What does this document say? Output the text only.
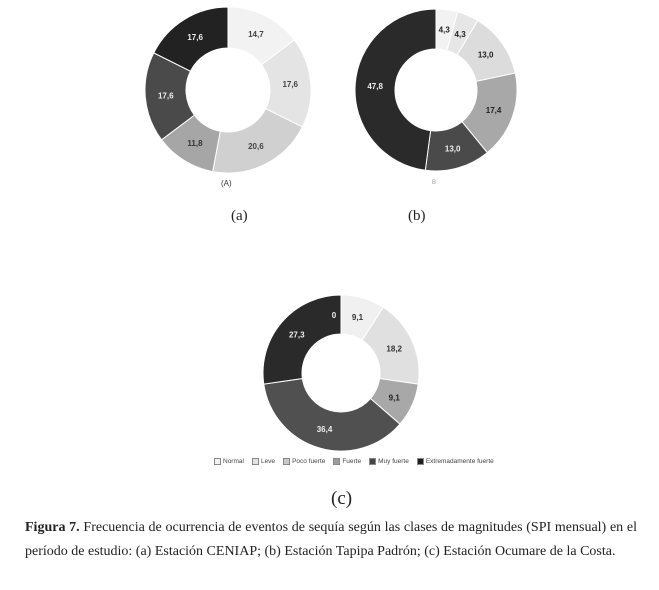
14,7
17,6
20,6
11,8
17,6
17,6
(A)
(a)
4,3 4,3
13,0
17,4
13,0
47,8
B
(b)
9,1
18,2
9,1
36,4
27,3
0
Normal	Leve	Poco fuerte	Fuerte	Muy fuerte	Extremadamente fuerte
(c)
Figura 7. Frecuencia de ocurrencia de eventos de sequía según las clases de magnitudes (SPI mensual) en el período de estudio: (a) Estación CENIAP; (b) Estación Tapipa Padrón; (c) Estación Ocumare de la Costa.
